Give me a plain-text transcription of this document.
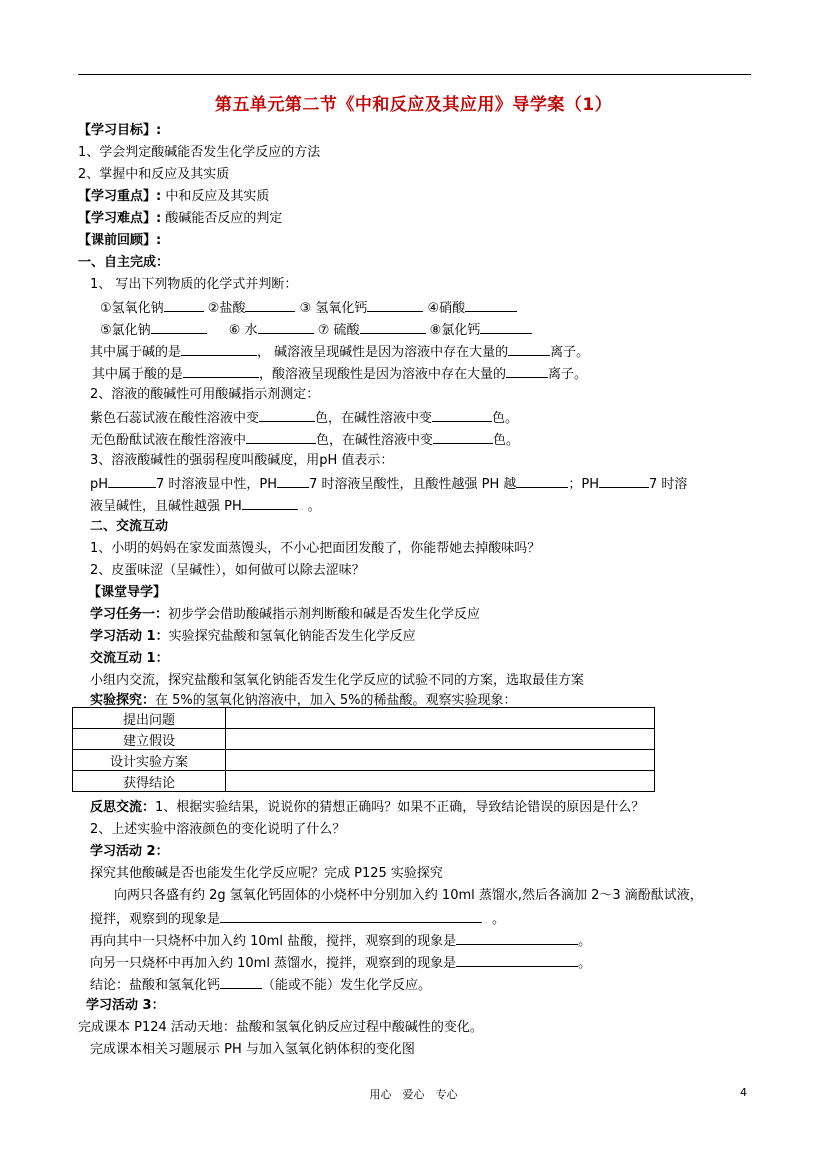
第五单元第二节《中和反应及其应用》导学案（1）
【学习目标】:
1、学会判定酸碱能否发生化学反应的方法
2、掌握中和反应及其实质
【学习重点】: 中和反应及其实质
【学习难点】: 酸碱能否反应的判定
【课前回顾】:
一、自主完成：
1、 写出下列物质的化学式并判断：
①氢氧化钠	②盐酸	③ 氢氧化钙	④硝酸
⑤氯化钠	⑥ 水	⑦ 硫酸	⑧氯化钙
其中属于碱的是	， 碱溶液呈现碱性是因为溶液中存在大量的	离子。
其中属于酸的是	，酸溶液呈现酸性是因为溶液中存在大量的	离子。
2、溶液的酸碱性可用酸碱指示剂测定：
紫色石蕊试液在酸性溶液中变	色，在碱性溶液中变	色。
无色酚酞试液在酸性溶液中	色，在碱性溶液中变	色。
3、溶液酸碱性的强弱程度叫酸碱度，用pH 值表示：
pH	7 时溶液显中性，PH 7 时溶液呈酸性，且酸性越强 PH 越	；PH	7 时溶
液呈碱性，且碱性越强 PH	。
二、交流互动
1、小明的妈妈在家发面蒸馒头，不小心把面团发酸了，你能帮她去掉酸味吗？
2、皮蛋味涩（呈碱性），如何做可以除去涩味？
【课堂导学】
学习任务一：初步学会借助酸碱指示剂判断酸和碱是否发生化学反应
学习活动 1：实验探究盐酸和氢氧化钠能否发生化学反应
交流互动 1：
小组内交流，探究盐酸和氢氧化钠能否发生化学反应的试验不同的方案，选取最佳方案
实验探究：在 5%的氢氧化钠溶液中，加入 5%的稀盐酸。观察实验现象：
提出问题	
建立假设	
设计实验方案	
获得结论	
反思交流：1、根据实验结果，说说你的猜想正确吗？如果不正确，导致结论错误的原因是什么？
2、上述实验中溶液颜色的变化说明了什么？
学习活动 2：
探究其他酸碱是否也能发生化学反应呢？完成 P125 实验探究
向两只各盛有约 2g 氢氧化钙固体的小烧杯中分别加入约 10ml 蒸馏水,然后各滴加 2～3 滴酚酞试液，
搅拌，观察到的现象是	。
再向其中一只烧杯中加入约 10ml 盐酸，搅拌，观察到的现象是	。
向另一只烧杯中再加入约 10ml 蒸馏水，搅拌，观察到的现象是	。
结论：盐酸和氢氧化钙	（能或不能）发生化学反应。
学习活动 3：
完成课本 P124 活动天地：盐酸和氢氧化钠反应过程中酸碱性的变化。
完成课本相关习题展示 PH 与加入氢氧化钠体积的变化图
用心　爱心　专心	4
